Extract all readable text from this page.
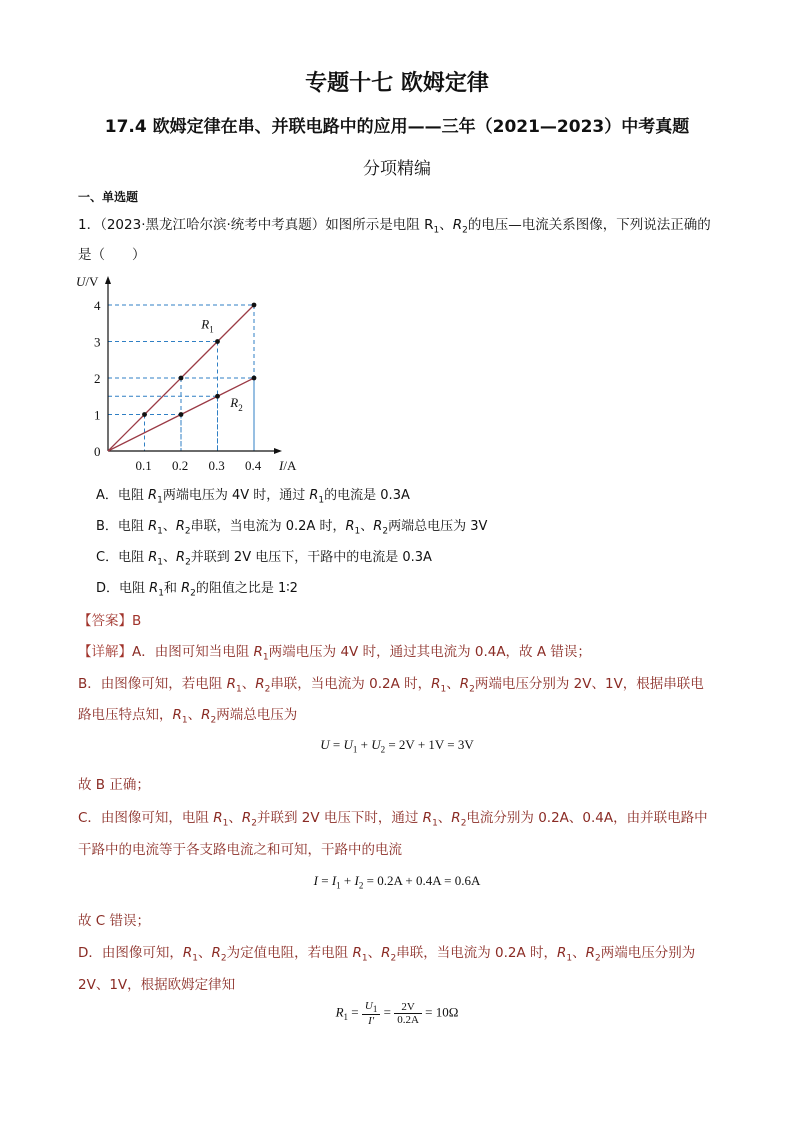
专题十七 欧姆定律
17.4 欧姆定律在串、并联电路中的应用——三年（2021—2023）中考真题
分项精编
一、单选题
1．（2023·黑龙江哈尔滨·统考中考真题）如图所示是电阻 $R_1$、$R_2$的电压—电流关系图像，下列说法正确的
是（　　）
0.1 0.2 0.3 0.4
1
2
3
4
0
U/V
I/A
$R_1$
$R_2$
A．电阻 $R_1$两端电压为 4V 时，通过 $R_1$的电流是 0.3A
B．电阻 $R_1$、$R_2$串联，当电流为 0.2A 时，$R_1$、$R_2$两端总电压为 3V
C．电阻 $R_1$、$R_2$并联到 2V 电压下，干路中的电流是 0.3A
D．电阻 $R_1$和 $R_2$的阻值之比是 1∶2
【答案】B
【详解】A．由图可知当电阻 $R_1$两端电压为 4V 时，通过其电流为 0.4A，故 A 错误；
B．由图像可知，若电阻 $R_1$、$R_2$串联，当电流为 0.2A 时，$R_1$、$R_2$两端电压分别为 2V、1V，根据串联电
路电压特点知，$R_1$、$R_2$两端总电压为
$U = U_1 + U_2 = 2V + 1V = 3V$
故 B 正确；
C．由图像可知，电阻 $R_1$、$R_2$并联到 2V 电压下时，通过 $R_1$、$R_2$电流分别为 0.2A、0.4A，由并联电路中
干路中的电流等于各支路电流之和可知，干路中的电流
$I = I_1 + I_2 = 0.2A + 0.4A = 0.6A$
故 C 错误；
D．由图像可知，$R_1$、$R_2$为定值电阻，若电阻 $R_1$、$R_2$串联，当电流为 0.2A 时，$R_1$、$R_2$两端电压分别为
2V、1V，根据欧姆定律知
$R_1 = \frac{U_1}{I'} = \frac{2V}{0.2A} = 10\Omega$
